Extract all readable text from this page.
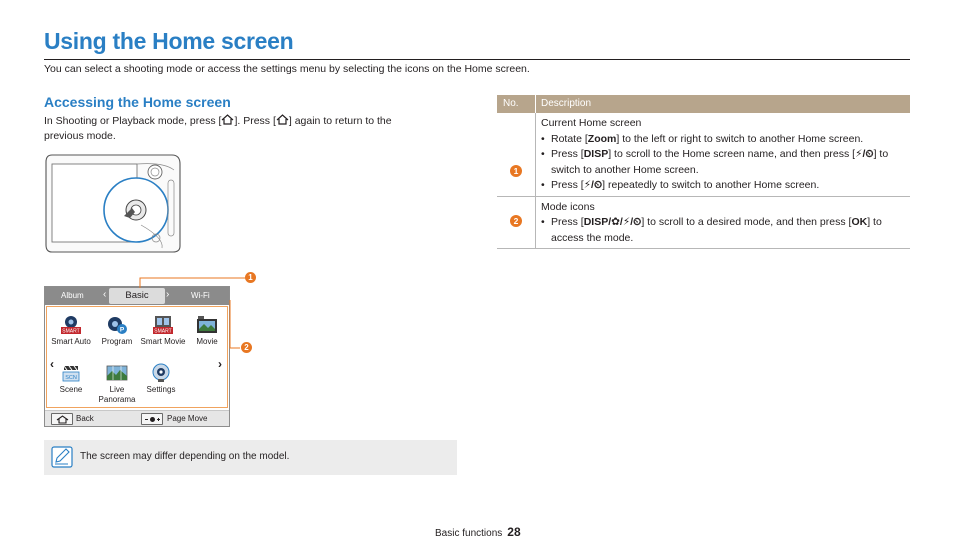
Using the Home screen
You can select a shooting mode or access the settings menu by selecting the icons on the Home screen.
Accessing the Home screen
In Shooting or Playback mode, press [ ]. Press [ ] again to return to the previous mode.
Album ‹	Basic	›	Wi-Fi
SMART
Smart Auto
P
Program
SMART
Smart Movie	Movie
‹	›
SCN
Scene	Live Panorama
Settings
Back	Page Move
1
2
The screen may differ depending on the model.
No. Description
1
Current Home screen
• Rotate [Zoom] to the left or right to switch to another Home screen.
• Press [DISP] to scroll to the Home screen name, and then press [⚡/⏲] to switch to another Home screen.
• Press [⚡/⏲] repeatedly to switch to another Home screen.
2
Mode icons
• Press [DISP/✿/⚡/⏲] to scroll to a desired mode, and then press [OK] to access the mode.
Basic functions 28
